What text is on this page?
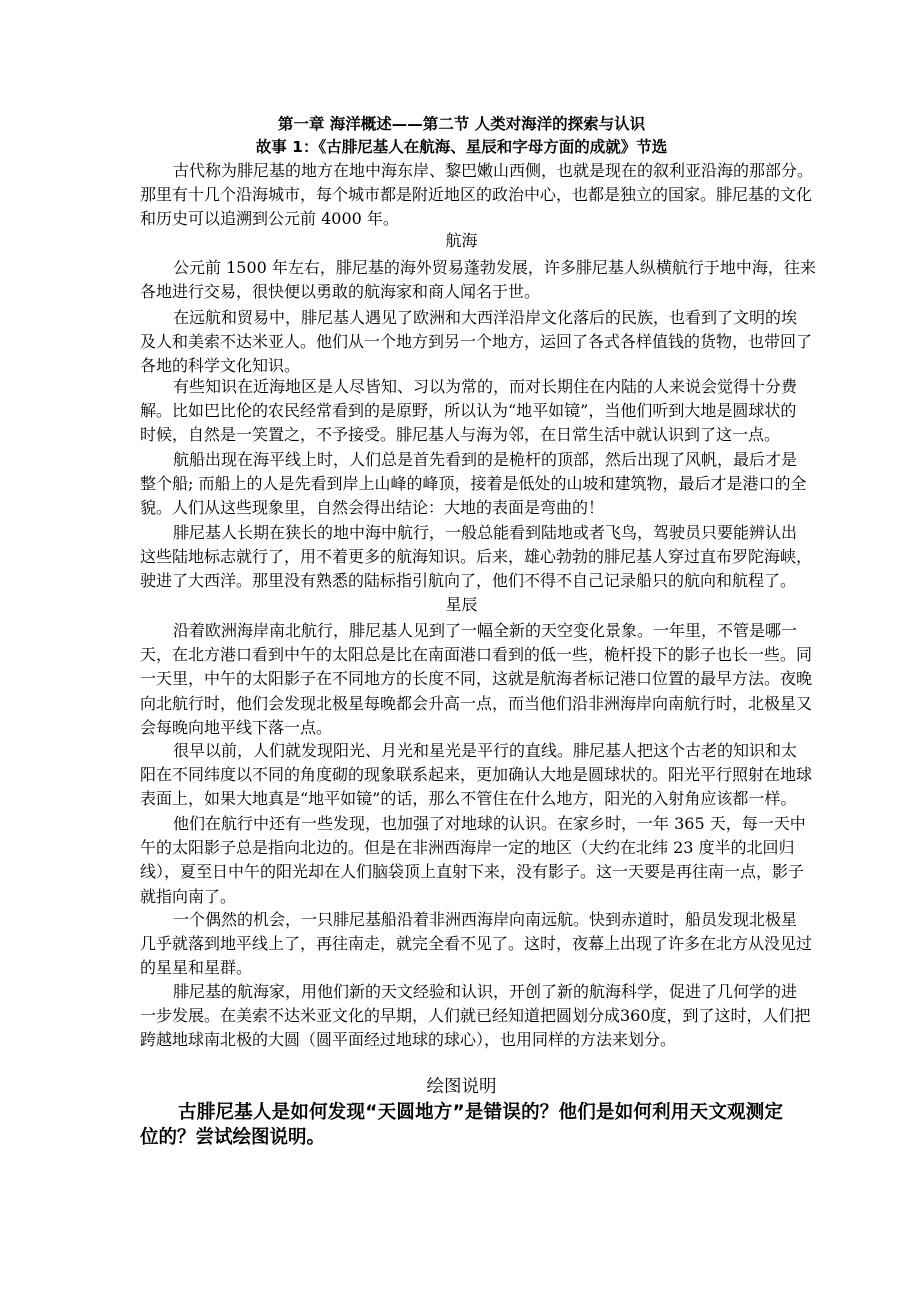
第一章 海洋概述——第二节 人类对海洋的探索与认识
故事 1：《古腓尼基人在航海、星辰和字母方面的成就》节选
古代称为腓尼基的地方在地中海东岸、黎巴嫩山西侧，也就是现在的叙利亚沿海的那部分。
那里有十几个沿海城市，每个城市都是附近地区的政治中心，也都是独立的国家。腓尼基的文化
和历史可以追溯到公元前 4000 年。
航海
公元前 1500 年左右，腓尼基的海外贸易蓬勃发展，许多腓尼基人纵横航行于地中海，往来
各地进行交易，很快便以勇敢的航海家和商人闻名于世。
在远航和贸易中，腓尼基人遇见了欧洲和大西洋沿岸文化落后的民族，也看到了文明的埃
及人和美索不达米亚人。他们从一个地方到另一个地方，运回了各式各样值钱的货物，也带回了
各地的科学文化知识。
有些知识在近海地区是人尽皆知、习以为常的，而对长期住在内陆的人来说会觉得十分费
解。比如巴比伦的农民经常看到的是原野，所以认为“地平如镜”，当他们听到大地是圆球状的
时候，自然是一笑置之，不予接受。腓尼基人与海为邻，在日常生活中就认识到了这一点。
航船出现在海平线上时，人们总是首先看到的是桅杆的顶部，然后出现了风帆，最后才是
整个船; 而船上的人是先看到岸上山峰的峰顶，接着是低处的山坡和建筑物，最后才是港口的全
貌。人们从这些现象里，自然会得出结论：大地的表面是弯曲的！
腓尼基人长期在狭长的地中海中航行，一般总能看到陆地或者飞鸟，驾驶员只要能辨认出
这些陆地标志就行了，用不着更多的航海知识。后来，雄心勃勃的腓尼基人穿过直布罗陀海峡，
驶进了大西洋。那里没有熟悉的陆标指引航向了，他们不得不自己记录船只的航向和航程了。
星辰
沿着欧洲海岸南北航行，腓尼基人见到了一幅全新的天空变化景象。一年里，不管是哪一
天，在北方港口看到中午的太阳总是比在南面港口看到的低一些，桅杆投下的影子也长一些。同
一天里，中午的太阳影子在不同地方的长度不同，这就是航海者标记港口位置的最早方法。夜晚
向北航行时，他们会发现北极星每晚都会升高一点，而当他们沿非洲海岸向南航行时，北极星又
会每晚向地平线下落一点。
很早以前，人们就发现阳光、月光和星光是平行的直线。腓尼基人把这个古老的知识和太
阳在不同纬度以不同的角度砌的现象联系起来，更加确认大地是圆球状的。阳光平行照射在地球
表面上，如果大地真是“地平如镜”的话，那么不管住在什么地方，阳光的入射角应该都一样。
他们在航行中还有一些发现，也加强了对地球的认识。在家乡时，一年 365 天，每一天中
午的太阳影子总是指向北边的。但是在非洲西海岸一定的地区（大约在北纬 23 度半的北回归
线），夏至日中午的阳光却在人们脑袋顶上直射下来，没有影子。这一天要是再往南一点，影子
就指向南了。
一个偶然的机会，一只腓尼基船沿着非洲西海岸向南远航。快到赤道时，船员发现北极星
几乎就落到地平线上了，再往南走，就完全看不见了。这时，夜幕上出现了许多在北方从没见过
的星星和星群。
腓尼基的航海家，用他们新的天文经验和认识，开创了新的航海科学，促进了几何学的进
一步发展。在美索不达米亚文化的早期，人们就已经知道把圆划分成360度，到了这时，人们把
跨越地球南北极的大圆（圆平面经过地球的球心），也用同样的方法来划分。
绘图说明
古腓尼基人是如何发现“天圆地方”是错误的？他们是如何利用天文观测定
位的？尝试绘图说明。
